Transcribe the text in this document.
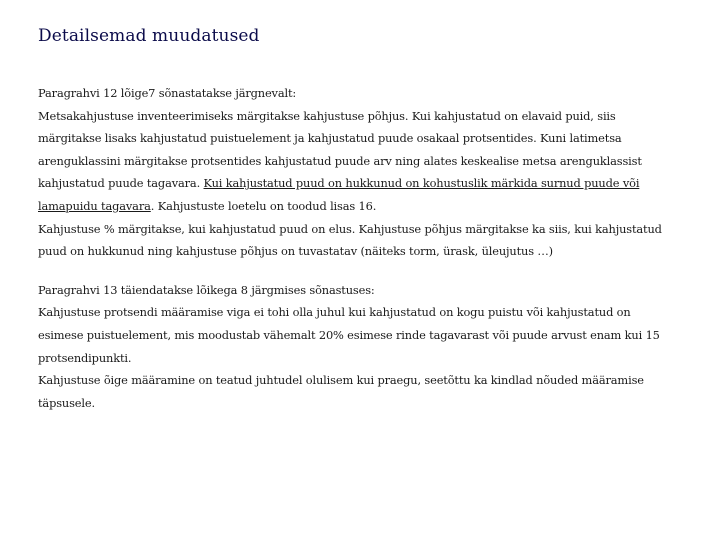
Detailsemad muudatused

Paragrahvi 12 lõige7 sõnastatakse järgnevalt:

Metsakahjustuse inventeerimiseks märgitakse kahjustuse põhjus. Kui kahjustatud on elavaid puid, siis märgitakse lisaks kahjustatud puistuelement ja kahjustatud puude osakaal protsentides. Kuni latimetsa arenguklassini märgitakse protsentides kahjustatud puude arv ning alates keskealise metsa arenguklassist kahjustatud puude tagavara. Kui kahjustatud puud on hukkunud on kohustuslik märkida surnud puude või lamapuidu tagavara. Kahjustuste loetelu on toodud lisas 16.

Kahjustuse % märgitakse, kui kahjustatud puud on elus. Kahjustuse põhjus märgitakse ka siis, kui kahjustatud puud on hukkunud ning kahjustuse põhjus on tuvastatav (näiteks torm, ürask, üleujutus …)

Paragrahvi 13 täiendatakse lõikega 8 järgmises sõnastuses:

Kahjustuse protsendi määramise viga ei tohi olla juhul kui kahjustatud on kogu puistu või kahjustatud on esimese puistuelement, mis moodustab vähemalt 20% esimese rinde tagavarast või puude arvust enam kui 15 protsendipunkti.

Kahjustuse õige määramine on teatud juhtudel olulisem kui praegu, seetõttu ka kindlad nõuded määramise täpsusele.
